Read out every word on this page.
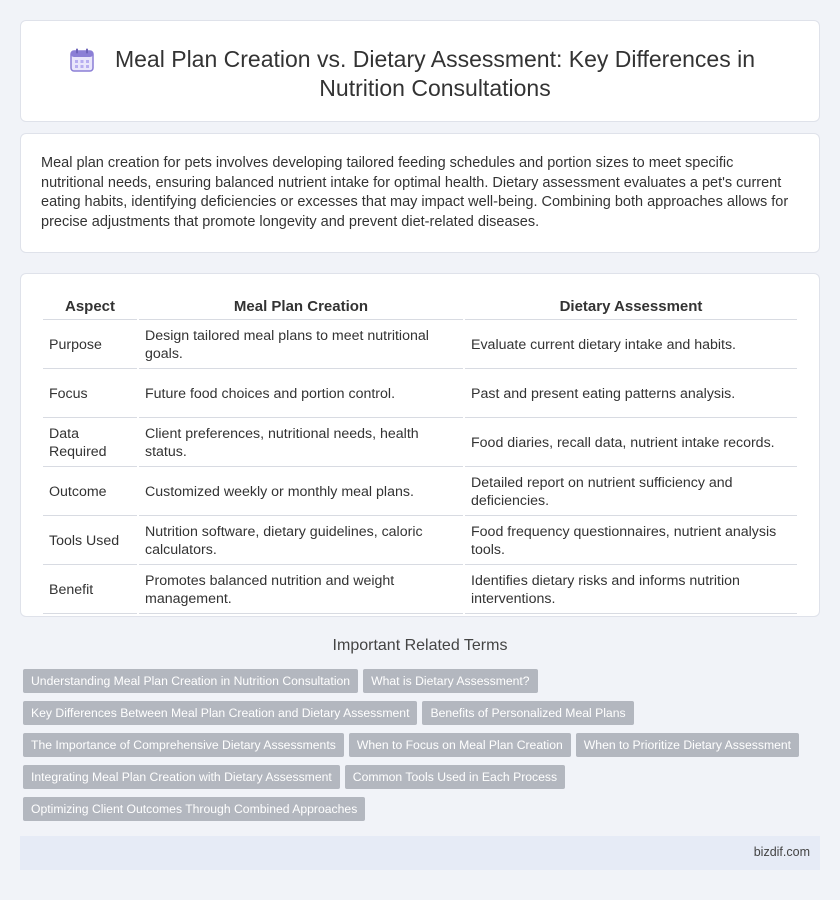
Meal Plan Creation vs. Dietary Assessment: Key Differences in Nutrition Consultations

Meal plan creation for pets involves developing tailored feeding schedules and portion sizes to meet specific nutritional needs, ensuring balanced nutrient intake for optimal health. Dietary assessment evaluates a pet's current eating habits, identifying deficiencies or excesses that may impact well-being. Combining both approaches allows for precise adjustments that promote longevity and prevent diet-related diseases.

Aspect	Meal Plan Creation	Dietary Assessment
Purpose	Design tailored meal plans to meet nutritional goals.	Evaluate current dietary intake and habits.
Focus	Future food choices and portion control.	Past and present eating patterns analysis.
Data Required	Client preferences, nutritional needs, health status.	Food diaries, recall data, nutrient intake records.
Outcome	Customized weekly or monthly meal plans.	Detailed report on nutrient sufficiency and deficiencies.
Tools Used	Nutrition software, dietary guidelines, caloric calculators.	Food frequency questionnaires, nutrient analysis tools.
Benefit	Promotes balanced nutrition and weight management.	Identifies dietary risks and informs nutrition interventions.
Important Related Terms
Understanding Meal Plan Creation in Nutrition Consultation What is Dietary Assessment?
Key Differences Between Meal Plan Creation and Dietary Assessment Benefits of Personalized Meal Plans
The Importance of Comprehensive Dietary Assessments When to Focus on Meal Plan Creation When to Prioritize Dietary Assessment
Integrating Meal Plan Creation with Dietary Assessment Common Tools Used in Each Process
Optimizing Client Outcomes Through Combined Approaches
bizdif.com
